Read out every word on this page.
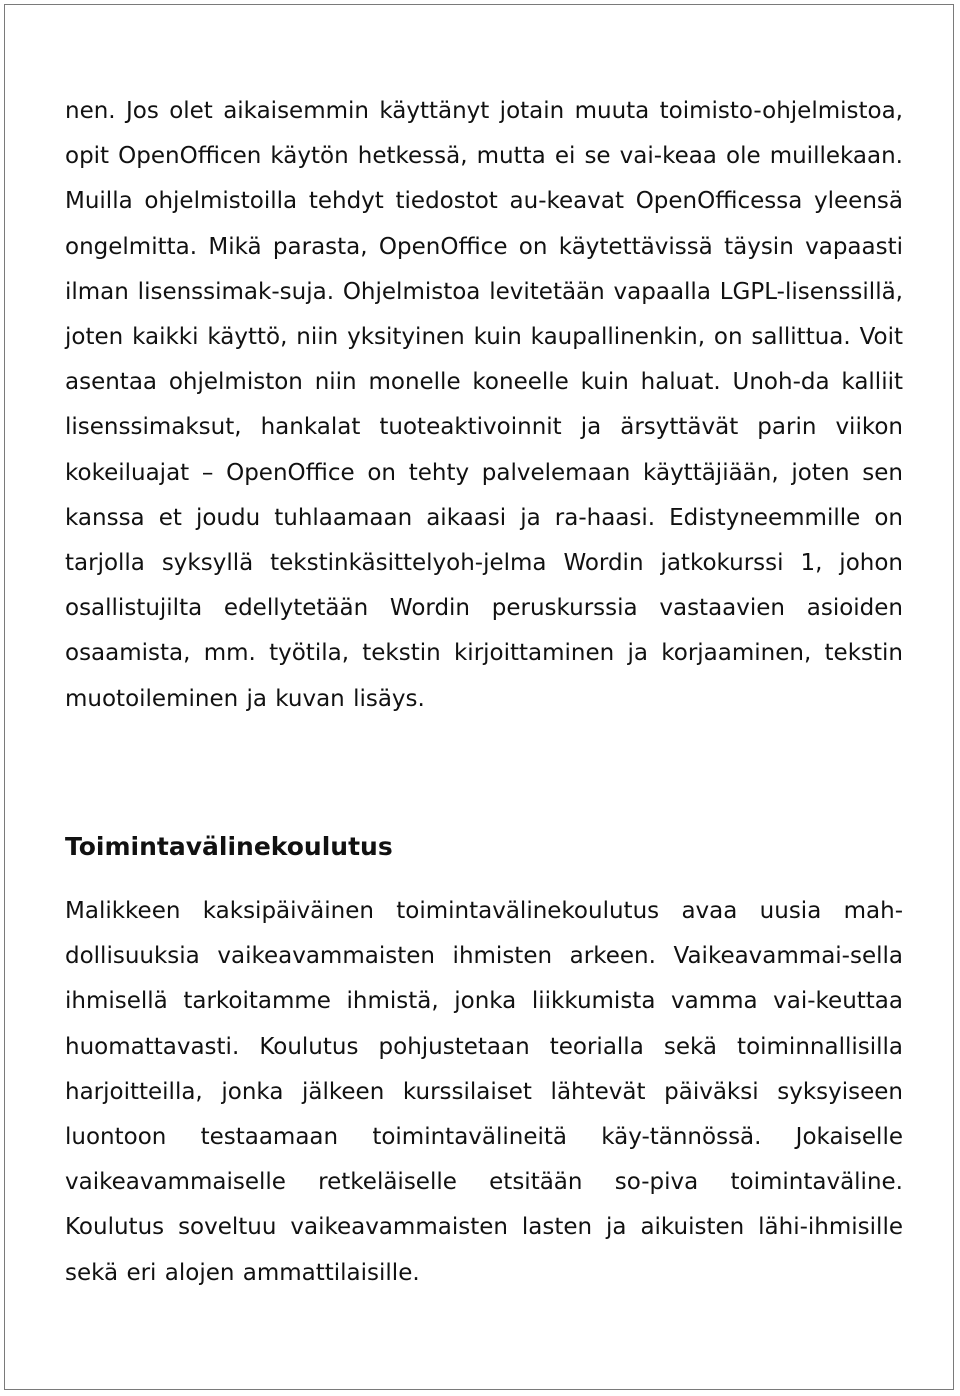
nen. Jos olet aikaisemmin käyttänyt jotain muuta toimisto-ohjelmistoa, opit OpenOfficen käytön hetkessä, mutta ei se vai-keaa ole muillekaan. Muilla ohjelmistoilla tehdyt tiedostot au-keavat OpenOfficessa yleensä ongelmitta. Mikä parasta, OpenOffice on käytettävissä täysin vapaasti ilman lisenssimak-suja. Ohjelmistoa levitetään vapaalla LGPL-lisenssillä, joten kaikki käyttö, niin yksityinen kuin kaupallinenkin, on sallittua. Voit asentaa ohjelmiston niin monelle koneelle kuin haluat. Unoh-da kalliit lisenssimaksut, hankalat tuoteaktivoinnit ja ärsyttävät parin viikon kokeiluajat – OpenOffice on tehty palvelemaan käyttäjiään, joten sen kanssa et joudu tuhlaamaan aikaasi ja ra-haasi. Edistyneemmille on tarjolla syksyllä tekstinkäsittelyoh-jelma Wordin jatkokurssi 1, johon osallistujilta edellytetään Wordin peruskurssia vastaavien asioiden osaamista, mm. työtila, tekstin kirjoittaminen ja korjaaminen, tekstin muotoileminen ja kuvan lisäys.

Toimintavälinekoulutus

Malikkeen kaksipäiväinen toimintavälinekoulutus avaa uusia mah-dollisuuksia vaikeavammaisten ihmisten arkeen. Vaikeavammai-sella ihmisellä tarkoitamme ihmistä, jonka liikkumista vamma vai-keuttaa huomattavasti. Koulutus pohjustetaan teorialla sekä toiminnallisilla harjoitteilla, jonka jälkeen kurssilaiset lähtevät päiväksi syksyiseen luontoon testaamaan toimintavälineitä käy-tännössä. Jokaiselle vaikeavammaiselle retkeläiselle etsitään so-piva toimintaväline. Koulutus soveltuu vaikeavammaisten lasten ja aikuisten lähi-ihmisille sekä eri alojen ammattilaisille.
